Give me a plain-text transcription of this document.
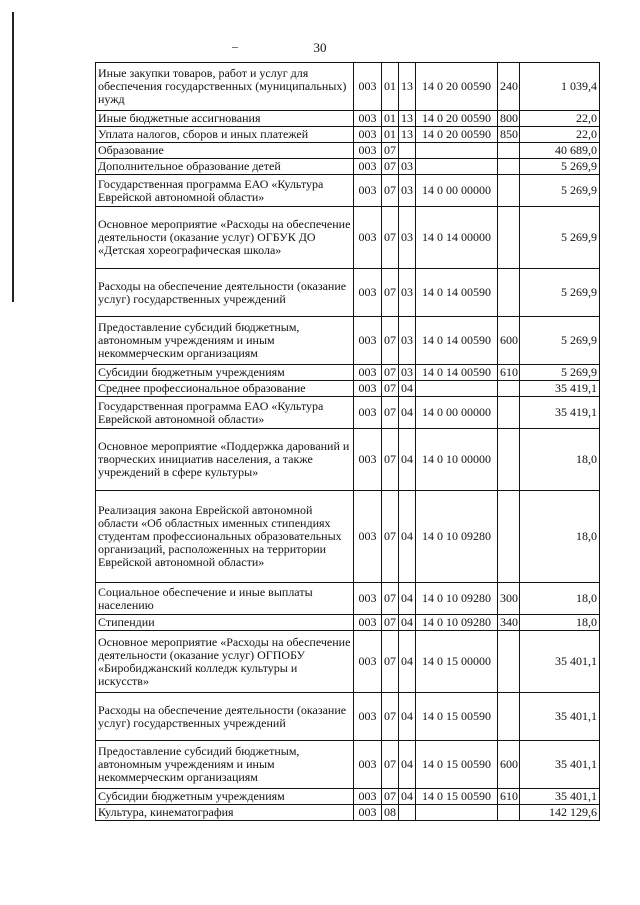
30
Иные закупки товаров, работ и услуг для обеспечения государственных (муниципальных) нужд	003	01	13	14 0 20 00590	240	1 039,4
Иные бюджетные ассигнования	003	01	13	14 0 20 00590	800	22,0
Уплата налогов, сборов и иных платежей	003	01	13	14 0 20 00590	850	22,0
Образование	003	07				40 689,0
Дополнительное образование детей	003	07	03			5 269,9
Государственная программа ЕАО «Культура Еврейской автономной области»	003	07	03	14 0 00 00000		5 269,9
Основное мероприятие «Расходы на обеспечение деятельности (оказание услуг) ОГБУК ДО «Детская хореографическая школа»	003	07	03	14 0 14 00000		5 269,9
Расходы на обеспечение деятельности (оказание услуг) государственных учреждений	003	07	03	14 0 14 00590		5 269,9
Предоставление субсидий бюджетным, автономным учреждениям и иным некоммерческим организациям	003	07	03	14 0 14 00590	600	5 269,9
Субсидии бюджетным учреждениям	003	07	03	14 0 14 00590	610	5 269,9
Среднее профессиональное образование	003	07	04			35 419,1
Государственная программа ЕАО «Культура Еврейской автономной области»	003	07	04	14 0 00 00000		35 419,1
Основное мероприятие «Поддержка дарований и творческих инициатив населения, а также учреждений в сфере культуры»	003	07	04	14 0 10 00000		18,0
Реализация закона Еврейской автономной области «Об областных именных стипендиях студентам профессиональных образовательных организаций, расположенных на территории Еврейской автономной области»	003	07	04	14 0 10 09280		18,0
Социальное обеспечение и иные выплаты населению	003	07	04	14 0 10 09280	300	18,0
Стипендии	003	07	04	14 0 10 09280	340	18,0
Основное мероприятие «Расходы на обеспечение деятельности (оказание услуг) ОГПОБУ «Биробиджанский колледж культуры и искусств»	003	07	04	14 0 15 00000		35 401,1
Расходы на обеспечение деятельности (оказание услуг) государственных учреждений	003	07	04	14 0 15 00590		35 401,1
Предоставление субсидий бюджетным, автономным учреждениям и иным некоммерческим организациям	003	07	04	14 0 15 00590	600	35 401,1
Субсидии бюджетным учреждениям	003	07	04	14 0 15 00590	610	35 401,1
Культура, кинематография	003	08				142 129,6
